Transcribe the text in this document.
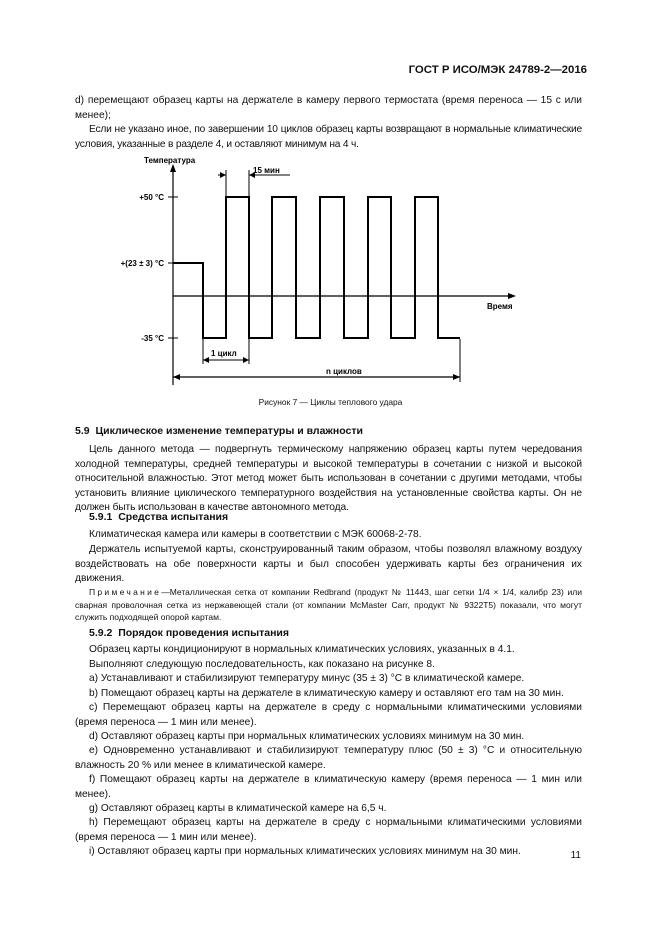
ГОСТ Р ИСО/МЭК 24789-2—2016
d) перемещают образец карты на держателе в камеру первого термостата (время переноса — 15 с или менее);
Если не указано иное, по завершении 10 циклов образец карты возвращают в нормальные климатические условия, указанные в разделе 4, и оставляют минимум на 4 ч.
Температура
+50 °C
+(23 ± 3) °C
-35 °C
Время
15 мин
1 цикл
n циклов
Рисунок 7 — Циклы теплового удара
5.9 Циклическое изменение температуры и влажности
Цель данного метода — подвергнуть термическому напряжению образец карты путем чередования холодной температуры, средней температуры и высокой температуры в сочетании с низкой и высокой относительной влажностью. Этот метод может быть использован в сочетании с другими методами, чтобы установить влияние циклического температурного воздействия на установленные свойства карты. Он не должен быть использован в качестве автономного метода.
5.9.1 Средства испытания
Климатическая камера или камеры в соответствии с МЭК 60068-2-78.
Держатель испытуемой карты, сконструированный таким образом, чтобы позволял влажному воздуху воздействовать на обе поверхности карты и был способен удерживать карты без ограничения их движения.
Примечание—Металлическая сетка от компании Redbrand (продукт № 11443, шаг сетки 1/4 × 1/4, калибр 23) или сварная проволочная сетка из нержавеющей стали (от компании McMaster Carr, продукт № 9322T5) показали, что могут служить подходящей опорой картам.
5.9.2 Порядок проведения испытания
Образец карты кондиционируют в нормальных климатических условиях, указанных в 4.1.
Выполняют следующую последовательность, как показано на рисунке 8.
a) Устанавливают и стабилизируют температуру минус (35 ± 3) °С в климатической камере.
b) Помещают образец карты на держателе в климатическую камеру и оставляют его там на 30 мин.
c) Перемещают образец карты на держателе в среду с нормальными климатическими условиями (время переноса — 1 мин или менее).
d) Оставляют образец карты при нормальных климатических условиях минимум на 30 мин.
e) Одновременно устанавливают и стабилизируют температуру плюс (50 ± 3) °С и относительную влажность 20 % или менее в климатической камере.
f) Помещают образец карты на держателе в климатическую камеру (время переноса — 1 мин или менее).
g) Оставляют образец карты в климатической камере на 6,5 ч.
h) Перемещают образец карты на держателе в среду с нормальными климатическими условиями (время переноса — 1 мин или менее).
i) Оставляют образец карты при нормальных климатических условиях минимум на 30 мин.	11
